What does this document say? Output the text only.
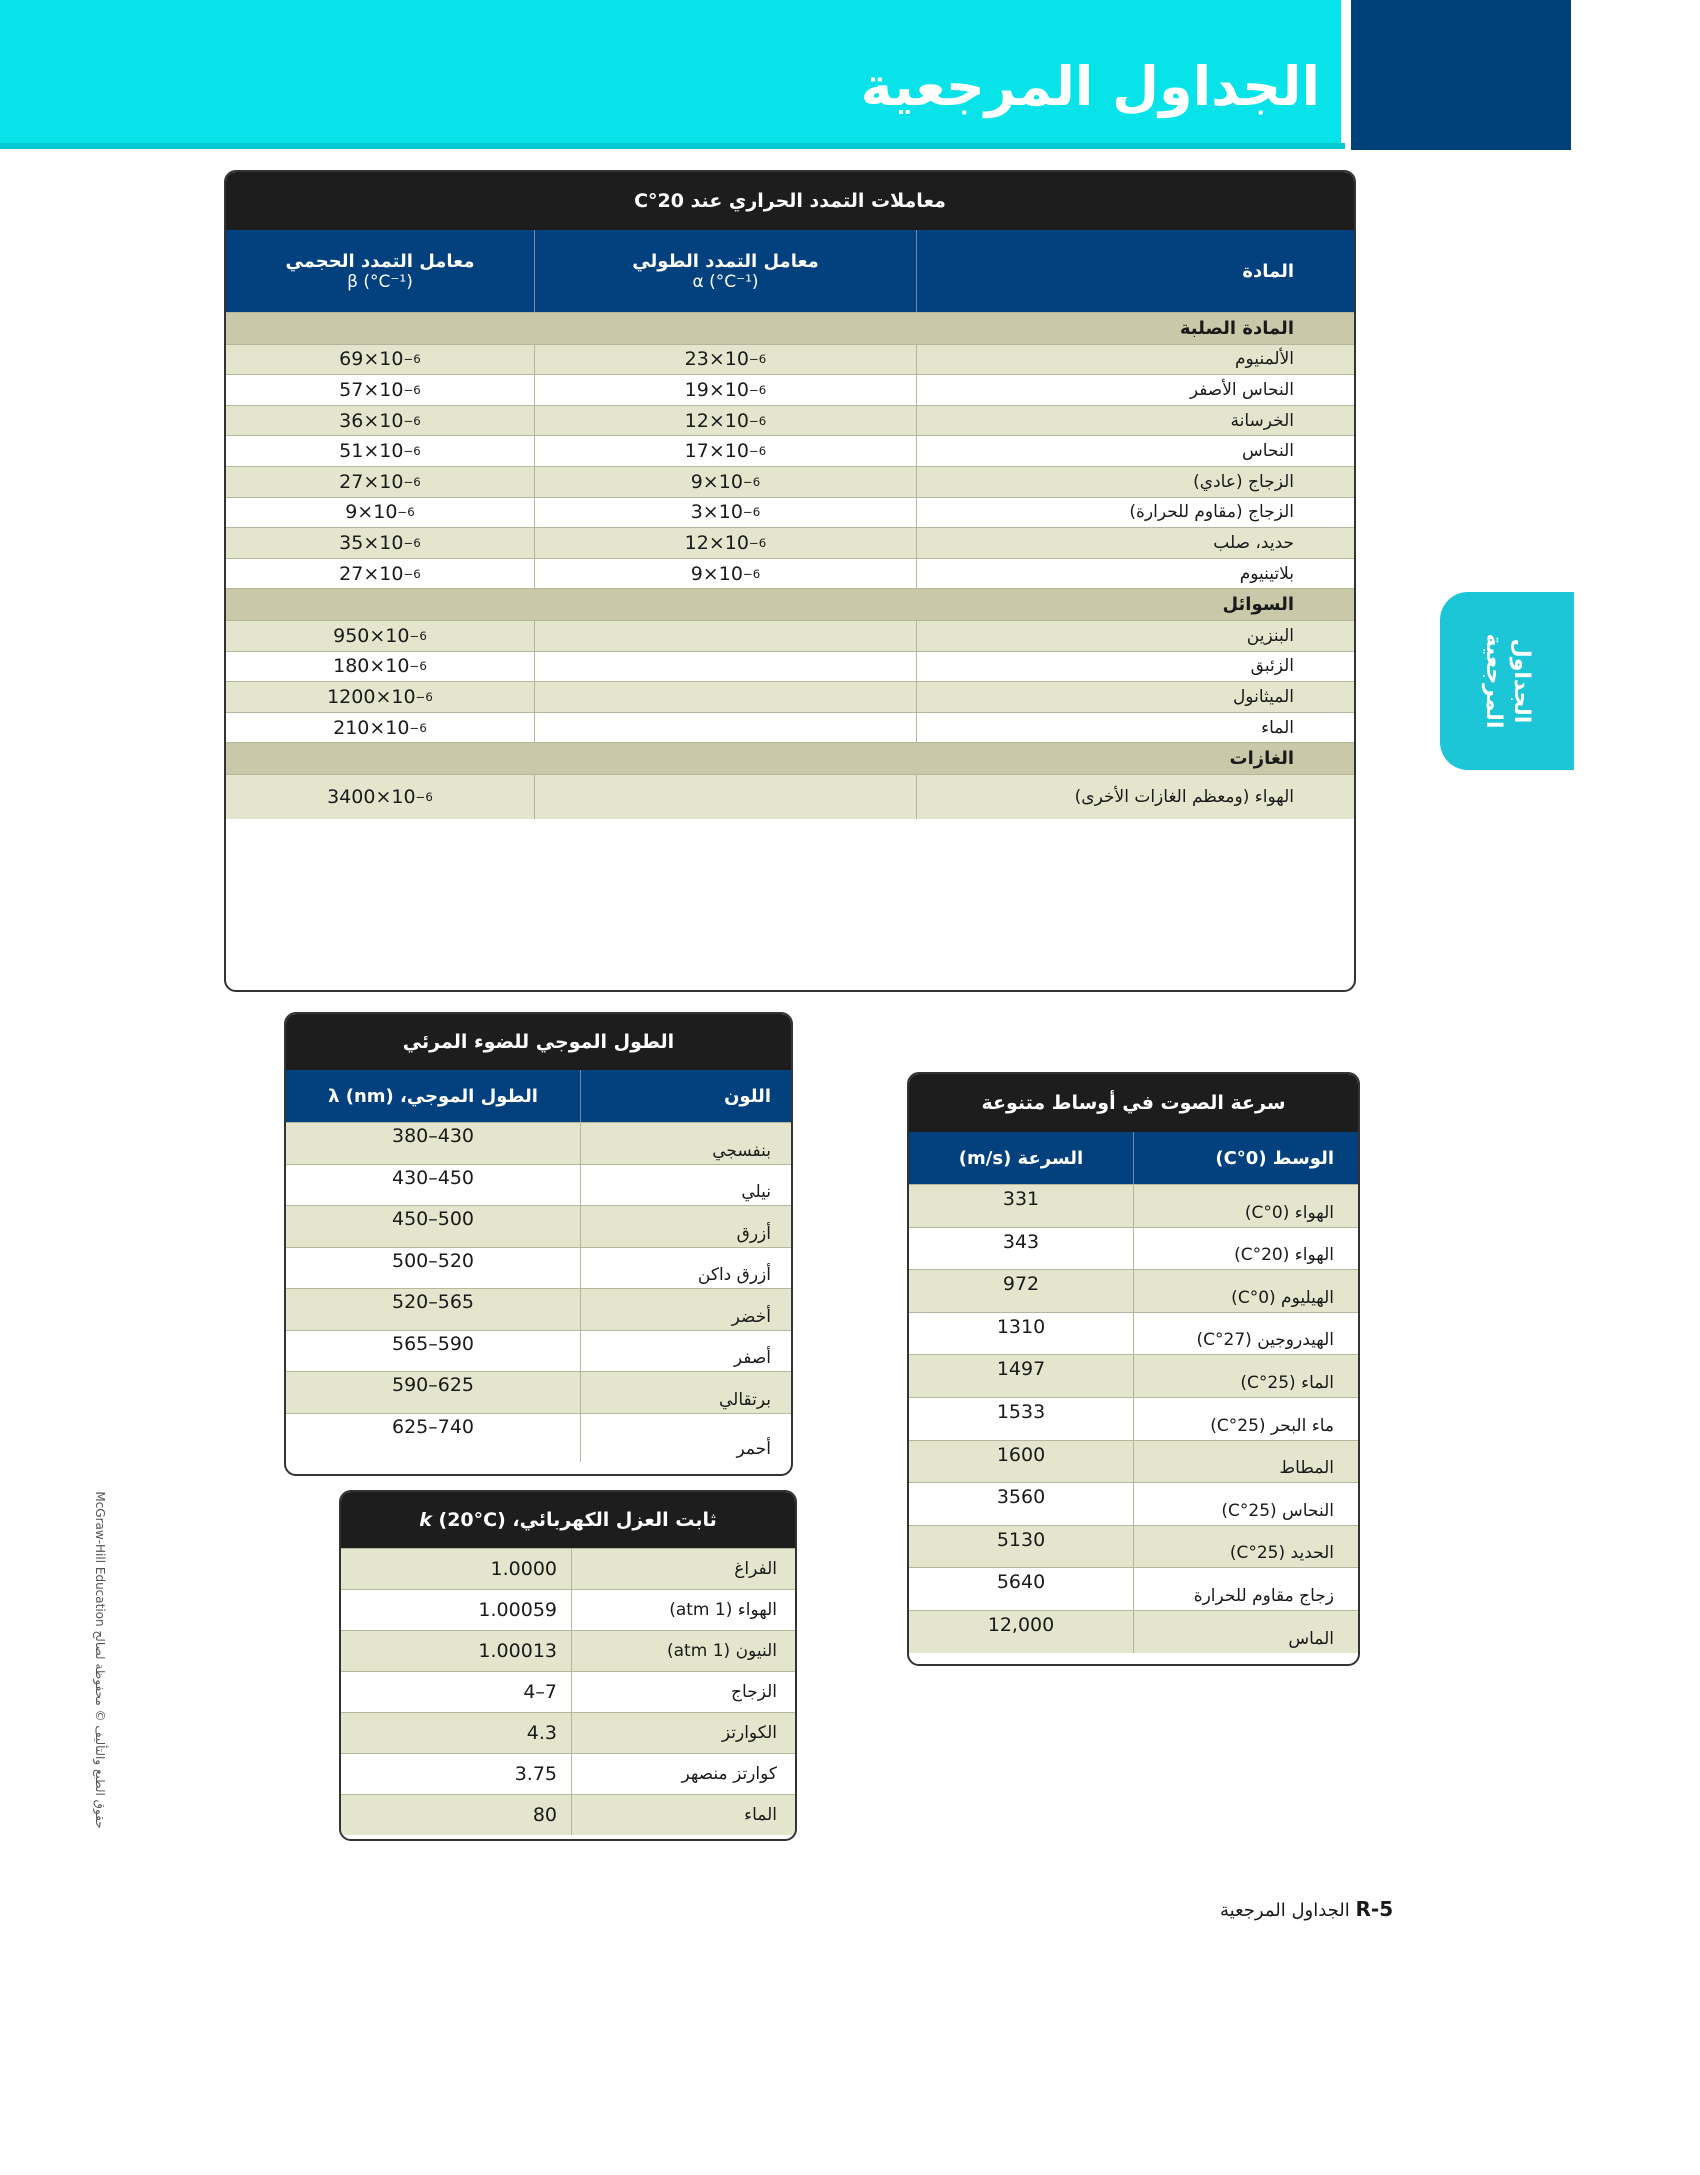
الجداول المرجعية
الجداول
المرجعية
McGraw-Hill Education حقوق الطبع والتأليف © محفوظة لصالح
معاملات التمدد الحراري عند 20°C
المادة
معامل التمدد الطولي
α (°C⁻¹)
معامل التمدد الحجمي
β (°C⁻¹)
المادة الصلبة
الألمنيوم
23×10 −6
69×10 −6
النحاس الأصفر
19×10 −6
57×10 −6
الخرسانة
12×10 −6
36×10 −6
النحاس
17×10 −6
51×10 −6
الزجاج (عادي)
9×10 −6
27×10 −6
الزجاج (مقاوم للحرارة)
3×10 −6
9×10 −6
حديد، صلب
12×10 −6
35×10 −6
بلاتينيوم
9×10 −6
27×10 −6
السوائل
البنزين
950×10 −6
الزئبق
180×10 −6
الميثانول
1200×10 −6
الماء
210×10 −6
الغازات
الهواء (ومعظم الغازات الأخرى)
3400×10 −6
الطول الموجي للضوء المرئي
اللون
الطول الموجي، λ (nm)
بنفسجي
380–430
نيلي
430–450
أزرق
450–500
أزرق داكن
500–520
أخضر
520–565
أصفر
565–590
برتقالي
590–625
أحمر
625–740
سرعة الصوت في أوساط متنوعة
الوسط (0°C)
السرعة (m/s)
الهواء (0°C)
331
الهواء (20°C)
343
الهيليوم (0°C)
972
الهيدروجين (27°C)
1310
الماء (25°C)
1497
ماء البحر (25°C)
1533
المطاط
1600
النحاس (25°C)
3560
الحديد (25°C)
5130
زجاج مقاوم للحرارة
5640
الماس
12,000
ثابت العزل الكهربائي، k (20°C)
الفراغ
1.0000
الهواء (1 atm)
1.00059
النيون (1 atm)
1.00013
الزجاج
4–7
الكوارتز
4.3
كوارتز منصهر
3.75
الماء
80
R-5 الجداول المرجعية
